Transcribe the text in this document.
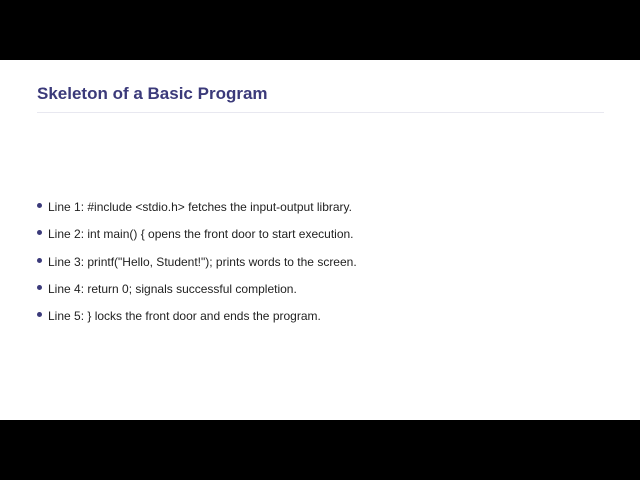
Skeleton of a Basic Program
Line 1: #include <stdio.h> fetches the input-output library.
Line 2: int main() { opens the front door to start execution.
Line 3: printf("Hello, Student!"); prints words to the screen.
Line 4: return 0; signals successful completion.
Line 5: } locks the front door and ends the program.
